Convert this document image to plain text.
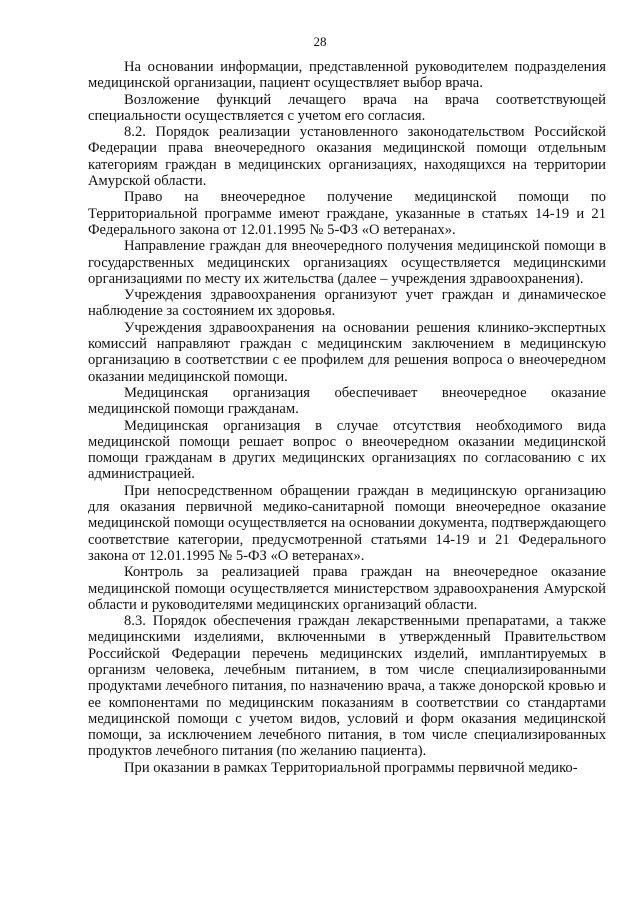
28

На основании информации, представленной руководителем подразделения медицинской организации, пациент осуществляет выбор врача.

Возложение функций лечащего врача на врача соответствующей специальности осуществляется с учетом его согласия.

8.2. Порядок реализации установленного законодательством Российской Федерации права внеочередного оказания медицинской помощи отдельным категориям граждан в медицинских организациях, находящихся на территории Амурской области.

Право на внеочередное получение медицинской помощи по Территориальной программе имеют граждане, указанные в статьях 14-19 и 21 Федерального закона от 12.01.1995 № 5-ФЗ «О ветеранах».

Направление граждан для внеочередного получения медицинской помощи в государственных медицинских организациях осуществляется медицинскими организациями по месту их жительства (далее – учреждения здравоохранения).

Учреждения здравоохранения организуют учет граждан и динамическое наблюдение за состоянием их здоровья.

Учреждения здравоохранения на основании решения клинико-экспертных комиссий направляют граждан с медицинским заключением в медицинскую организацию в соответствии с ее профилем для решения вопроса о внеочередном оказании медицинской помощи.

Медицинская организация обеспечивает внеочередное оказание медицинской помощи гражданам.

Медицинская организация в случае отсутствия необходимого вида медицинской помощи решает вопрос о внеочередном оказании медицинской помощи гражданам в других медицинских организациях по согласованию с их администрацией.

При непосредственном обращении граждан в медицинскую организацию для оказания первичной медико-санитарной помощи внеочередное оказание медицинской помощи осуществляется на основании документа, подтверждающего соответствие категории, предусмотренной статьями 14-19 и 21 Федерального закона от 12.01.1995 № 5-ФЗ «О ветеранах».

Контроль за реализацией права граждан на внеочередное оказание медицинской помощи осуществляется министерством здравоохранения Амурской области и руководителями медицинских организаций области.

8.3. Порядок обеспечения граждан лекарственными препаратами, а также медицинскими изделиями, включенными в утвержденный Правительством Российской Федерации перечень медицинских изделий, имплантируемых в организм человека, лечебным питанием, в том числе специализированными продуктами лечебного питания, по назначению врача, а также донорской кровью и ее компонентами по медицинским показаниям в соответствии со стандартами медицинской помощи с учетом видов, условий и форм оказания медицинской помощи, за исключением лечебного питания, в том числе специализированных продуктов лечебного питания (по желанию пациента).

При оказании в рамках Территориальной программы первичной медико-
